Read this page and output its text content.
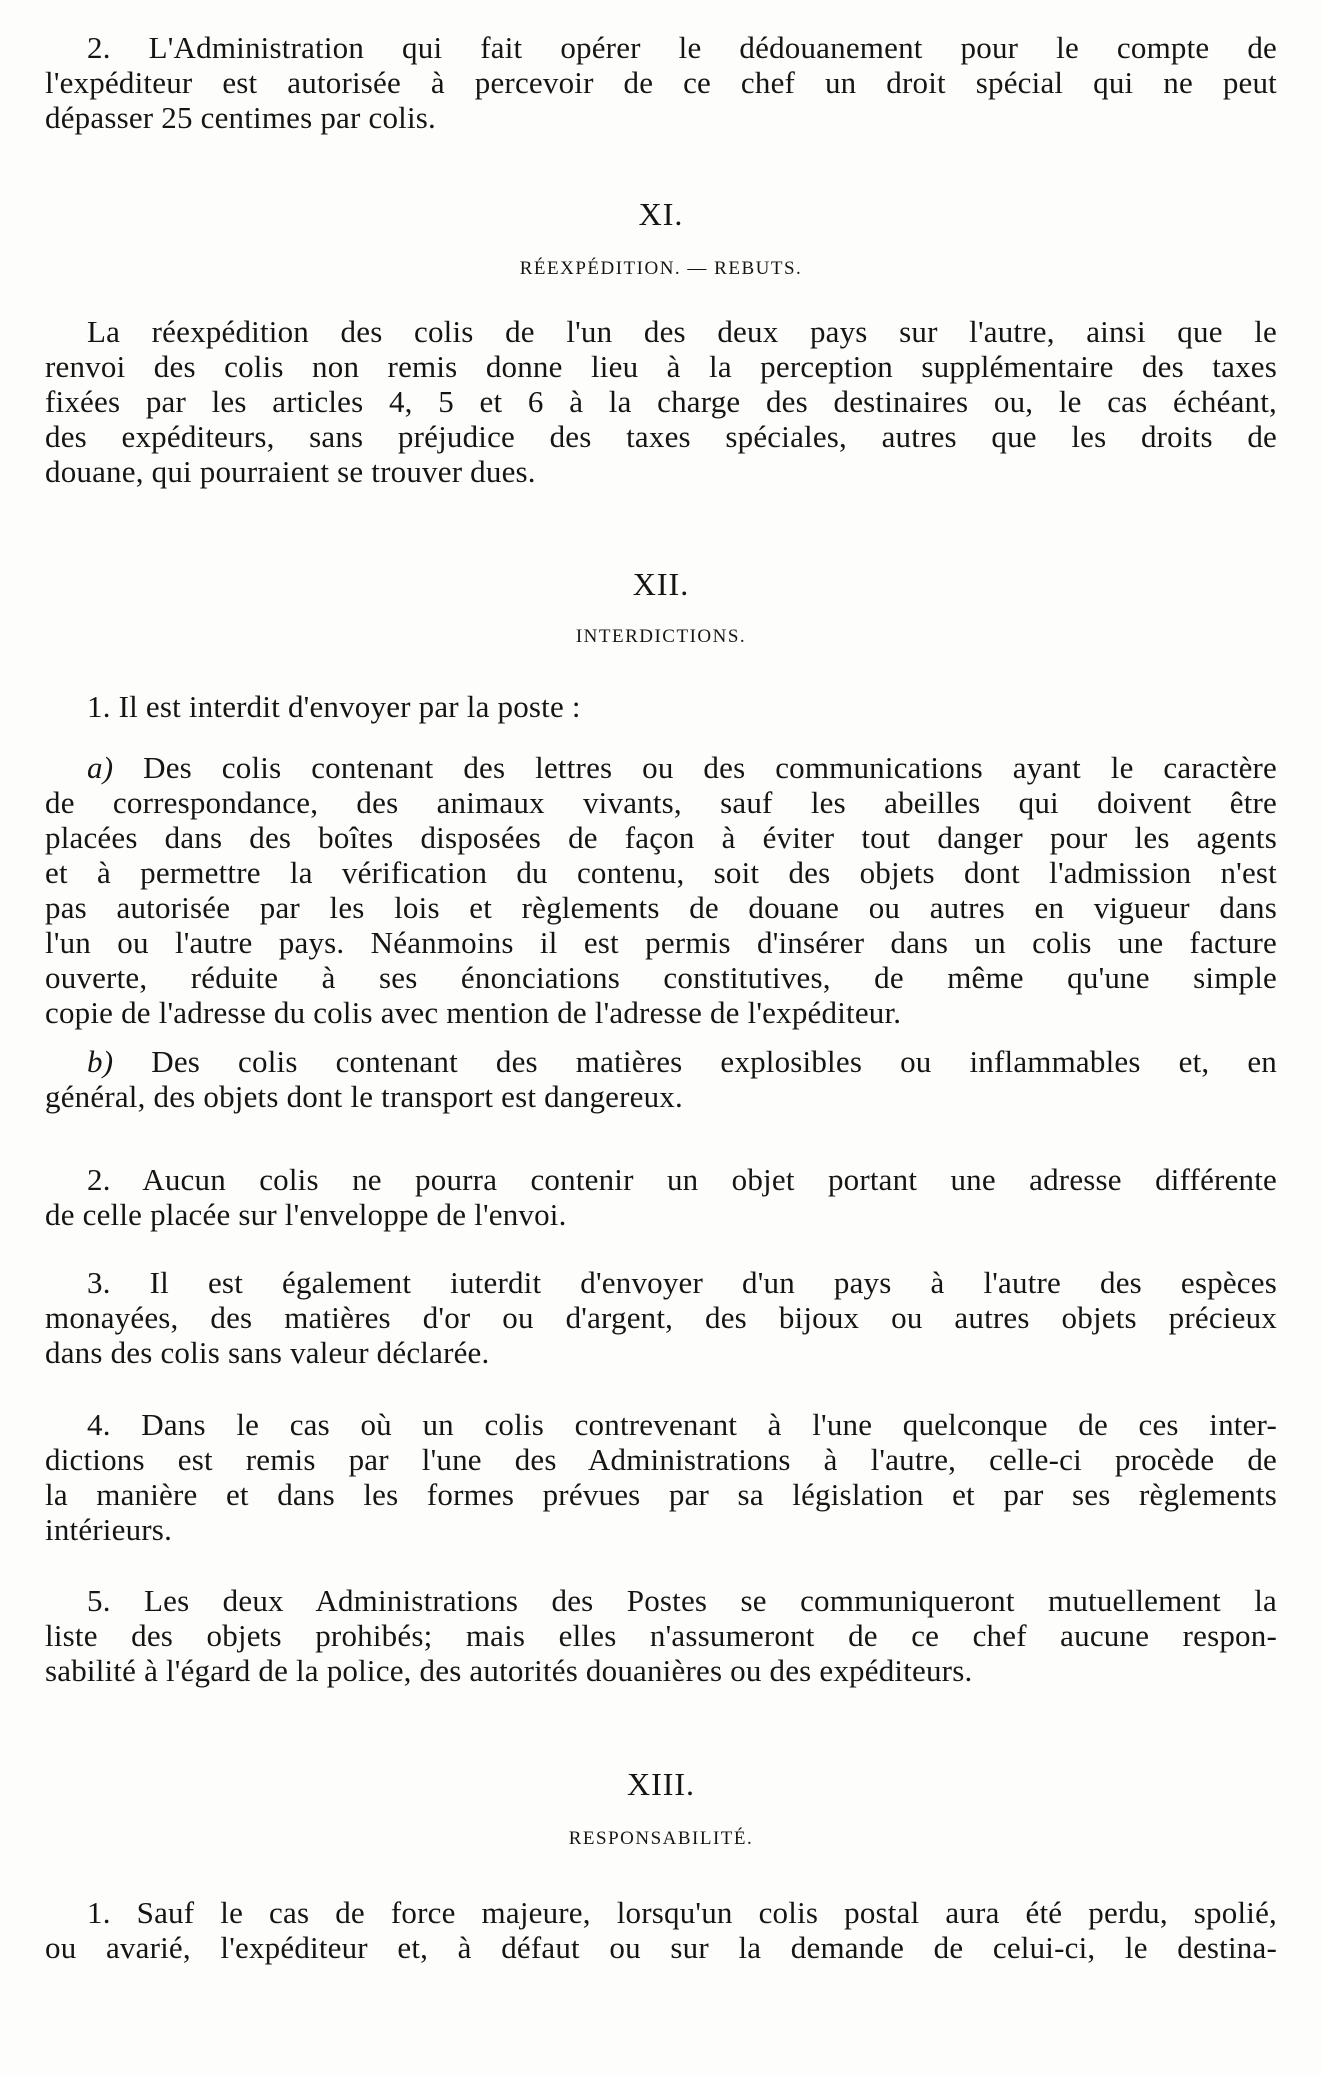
2. L'Administration qui fait opérer le dédouanement pour le compte de
l'expéditeur est autorisée à percevoir de ce chef un droit spécial qui ne peut
dépasser 25 centimes par colis.

XI.

RÉEXPÉDITION. — REBUTS.

La réexpédition des colis de l'un des deux pays sur l'autre, ainsi que le
renvoi des colis non remis donne lieu à la perception supplémentaire des taxes
fixées par les articles 4, 5 et 6 à la charge des destinaires ou, le cas échéant,
des expéditeurs, sans préjudice des taxes spéciales, autres que les droits de
douane, qui pourraient se trouver dues.

XII.

INTERDICTIONS.

1. Il est interdit d'envoyer par la poste :

a) Des colis contenant des lettres ou des communications ayant le caractère
de correspondance, des animaux vivants, sauf les abeilles qui doivent être
placées dans des boîtes disposées de façon à éviter tout danger pour les agents
et à permettre la vérification du contenu, soit des objets dont l'admission n'est
pas autorisée par les lois et règlements de douane ou autres en vigueur dans
l'un ou l'autre pays. Néanmoins il est permis d'insérer dans un colis une facture
ouverte, réduite à ses énonciations constitutives, de même qu'une simple
copie de l'adresse du colis avec mention de l'adresse de l'expéditeur.

b) Des colis contenant des matières explosibles ou inflammables et, en
général, des objets dont le transport est dangereux.

2. Aucun colis ne pourra contenir un objet portant une adresse différente
de celle placée sur l'enveloppe de l'envoi.

3. Il est également iuterdit d'envoyer d'un pays à l'autre des espèces
monayées, des matières d'or ou d'argent, des bijoux ou autres objets précieux
dans des colis sans valeur déclarée.

4. Dans le cas où un colis contrevenant à l'une quelconque de ces inter-
dictions est remis par l'une des Administrations à l'autre, celle-ci procède de
la manière et dans les formes prévues par sa législation et par ses règlements
intérieurs.

5. Les deux Administrations des Postes se communiqueront mutuellement la
liste des objets prohibés; mais elles n'assumeront de ce chef aucune respon-
sabilité à l'égard de la police, des autorités douanières ou des expéditeurs.

XIII.

RESPONSABILITÉ.

1. Sauf le cas de force majeure, lorsqu'un colis postal aura été perdu, spolié,
ou avarié, l'expéditeur et, à défaut ou sur la demande de celui-ci, le destina-
